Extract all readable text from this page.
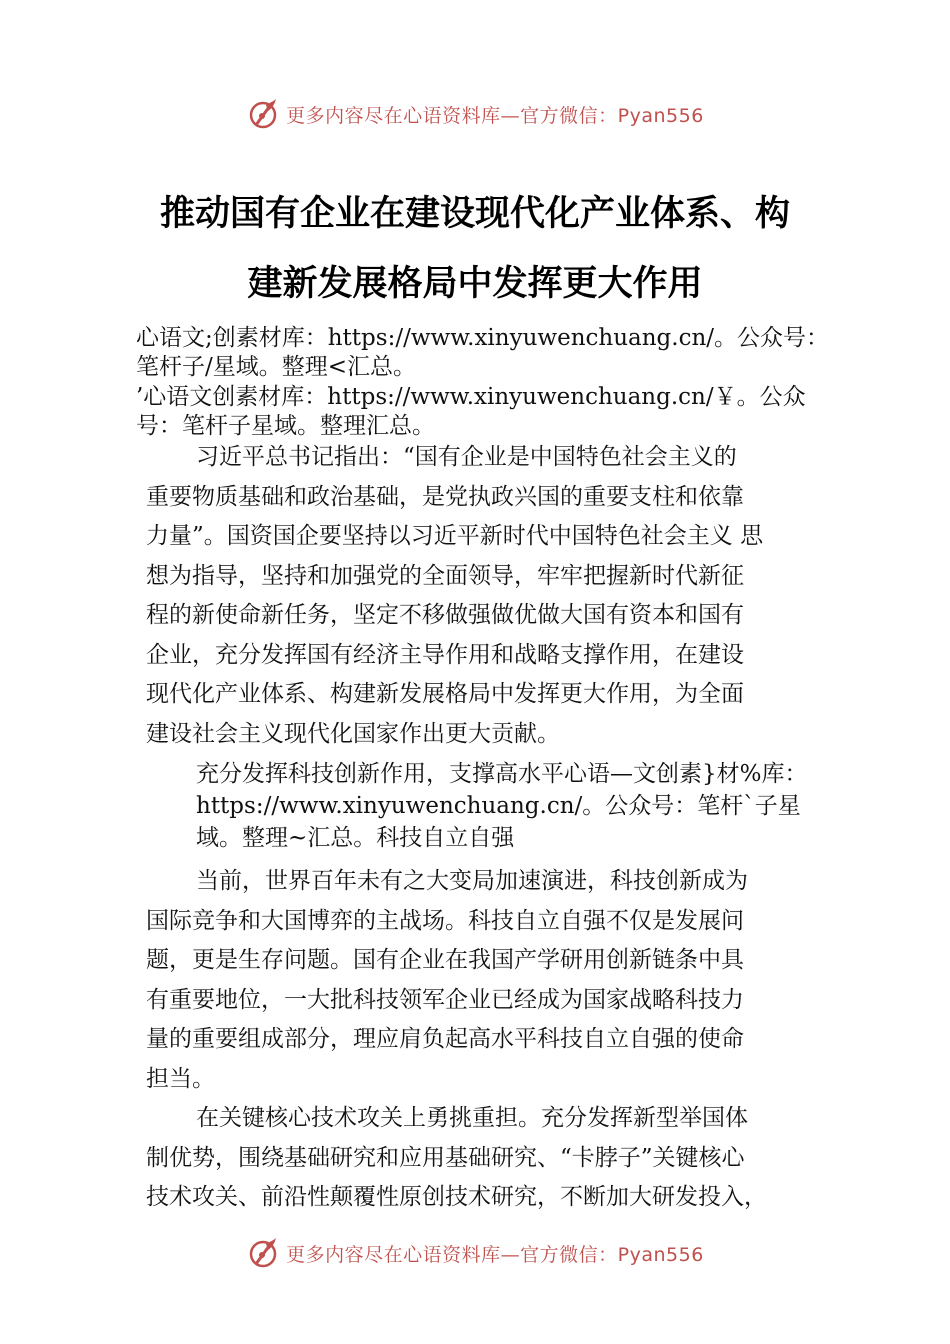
更多内容尽在心语资料库—官方微信：Pyan556
推动国有企业在建设现代化产业体系、构
建新发展格局中发挥更大作用
心语文;创素材库：https://www.xinyuwenchuang.cn/。公众号：
笔杆子/星域。整理<汇总。
’心语文创素材库：https://www.xinyuwenchuang.cn/￥。公众
号：笔杆子星域。整理汇总。
习近平总书记指出：“国有企业是中国特色社会主义的
重要物质基础和政治基础，是党执政兴国的重要支柱和依靠
力量”。国资国企要坚持以习近平新时代中国特色社会主义 思
想为指导，坚持和加强党的全面领导，牢牢把握新时代新征
程的新使命新任务，坚定不移做强做优做大国有资本和国有
企业，充分发挥国有经济主导作用和战略支撑作用，在建设
现代化产业体系、构建新发展格局中发挥更大作用，为全面
建设社会主义现代化国家作出更大贡献。
充分发挥科技创新作用，支撑高水平心语—文创素}材%库：
https://www.xinyuwenchuang.cn/。公众号：笔杆`子星
域。整理~汇总。科技自立自强
当前，世界百年未有之大变局加速演进，科技创新成为
国际竞争和大国博弈的主战场。科技自立自强不仅是发展问
题，更是生存问题。国有企业在我国产学研用创新链条中具
有重要地位，一大批科技领军企业已经成为国家战略科技力
量的重要组成部分，理应肩负起高水平科技自立自强的使命
担当。
在关键核心技术攻关上勇挑重担。充分发挥新型举国体
制优势，围绕基础研究和应用基础研究、“卡脖子”关键核心
技术攻关、前沿性颠覆性原创技术研究，不断加大研发投入，
更多内容尽在心语资料库—官方微信：Pyan556
